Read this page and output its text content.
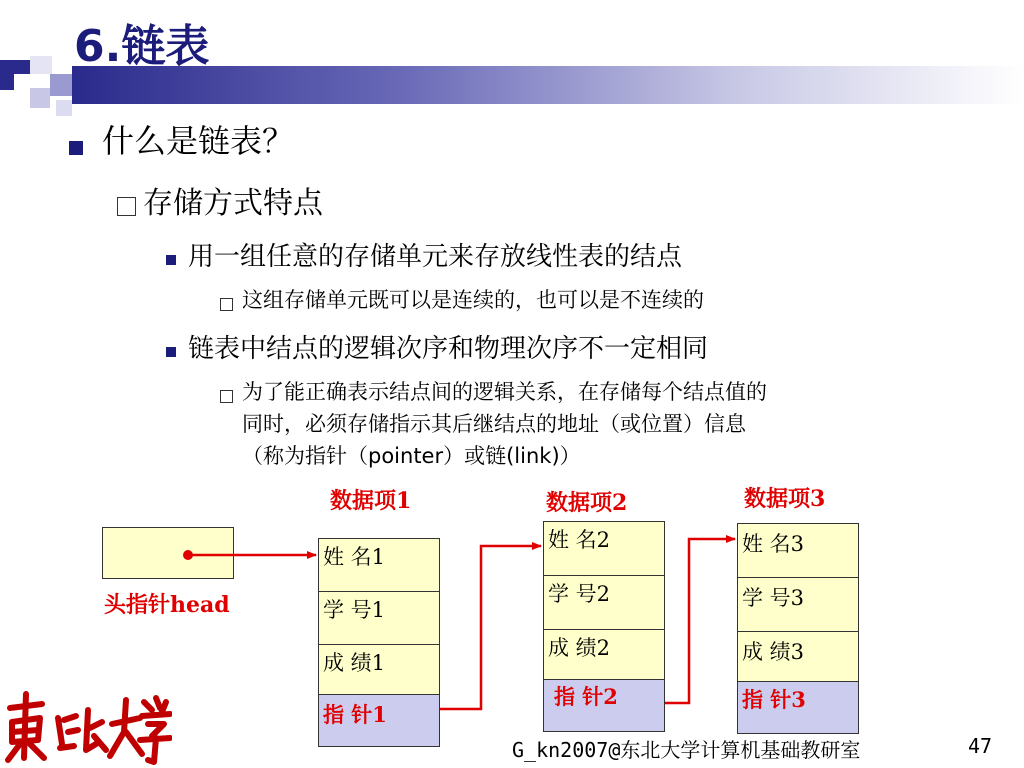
6.链表
什么是链表？
存储方式特点
用一组任意的存储单元来存放线性表的结点
这组存储单元既可以是连续的，也可以是不连续的
链表中结点的逻辑次序和物理次序不一定相同
为了能正确表示结点间的逻辑关系，在存储每个结点值的
同时，必须存储指示其后继结点的地址（或位置）信息
（称为指针（pointer）或链(link)）
数据项1	数据项2	数据项3
头指针head
姓 名1
学 号1
成 绩1
指 针1
姓 名2
学 号2
成 绩2
指 针2
姓 名3
学 号3
成 绩3
指 针3
G_kn2007@东北大学计算机基础教研室	47
